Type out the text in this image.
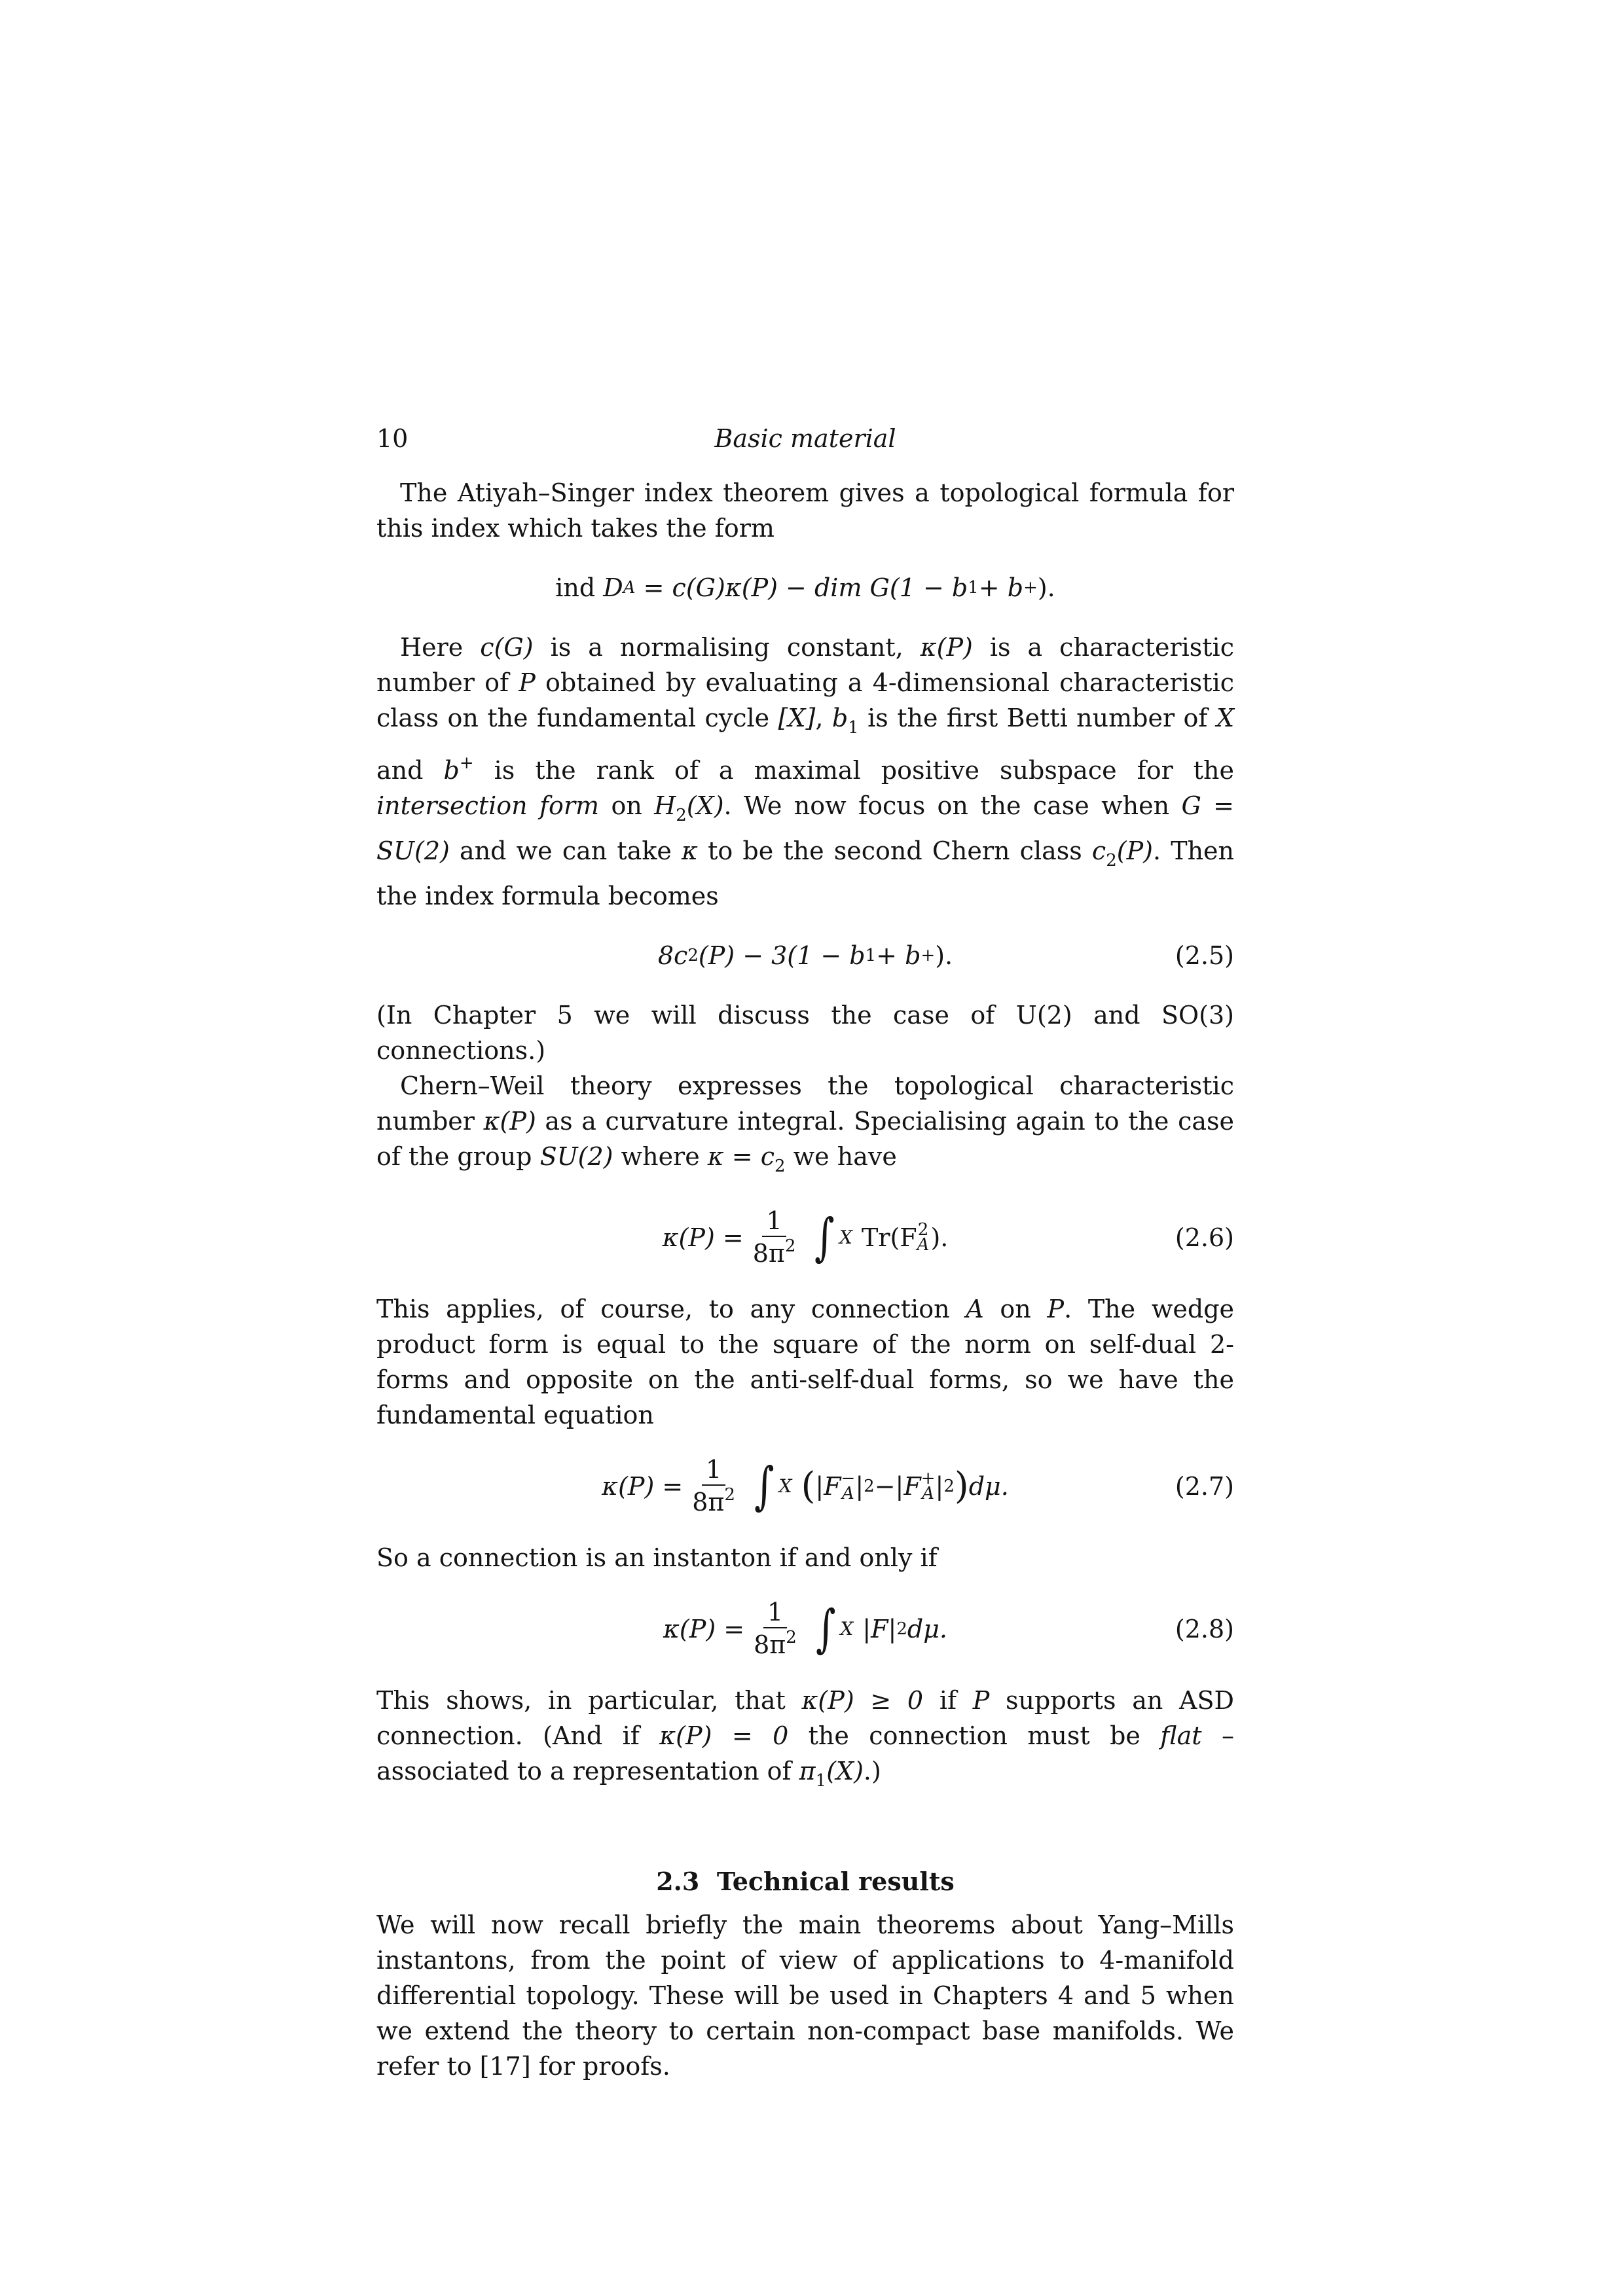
10	Basic material

The Atiyah–Singer index theorem gives a topological formula for this index which takes the form

ind
D A
= c(G)κ(P) − dim G(1 − b 1 + b + ).

Here c(G) is a normalising constant, κ(P) is a characteristic number of P obtained by evaluating a 4-dimensional characteristic class on the fundamental cycle [X], $b_1$ is the first Betti number of X and b+ is the rank of a maximal positive subspace for the intersection form on $H_2(X)$. We now focus on the case when G = SU(2) and we can take κ to be the second Chern class $c_2(P)$. Then the index formula becomes

8c 2 (P) − 3(1 − b 1 + b + ).	(2.5)

(In Chapter 5 we will discuss the case of U(2) and SO(3) connections.)

Chern–Weil theory expresses the topological characteristic number κ(P) as a curvature integral. Specialising again to the case of the group SU(2) where $\kappa = c_2$ we have

$\kappa(P) = \frac{1}{8\pi^2}$ ∫ X Tr(F 2
A ).	(2.6)

This applies, of course, to any connection A on P. The wedge product form is equal to the square of the norm on self-dual 2-forms and opposite on the anti-self-dual forms, so we have the fundamental equation

$\kappa(P) = \frac{1}{8\pi^2}$ ∫ X ( |F −
A | 2 − |F +
A | 2 ) dμ.	(2.7)

So a connection is an instanton if and only if

$\kappa(P) = \frac{1}{8\pi^2}$ ∫ X |F| 2 dμ.	(2.8)

This shows, in particular, that κ(P) ≥ 0 if P supports an ASD connection. (And if κ(P) = 0 the connection must be flat – associated to a representation of $\pi_1(X)$.)

2.3 Technical results

We will now recall briefly the main theorems about Yang–Mills instantons, from the point of view of applications to 4-manifold differential topology. These will be used in Chapters 4 and 5 when we extend the theory to certain non-compact base manifolds. We refer to [17] for proofs.
